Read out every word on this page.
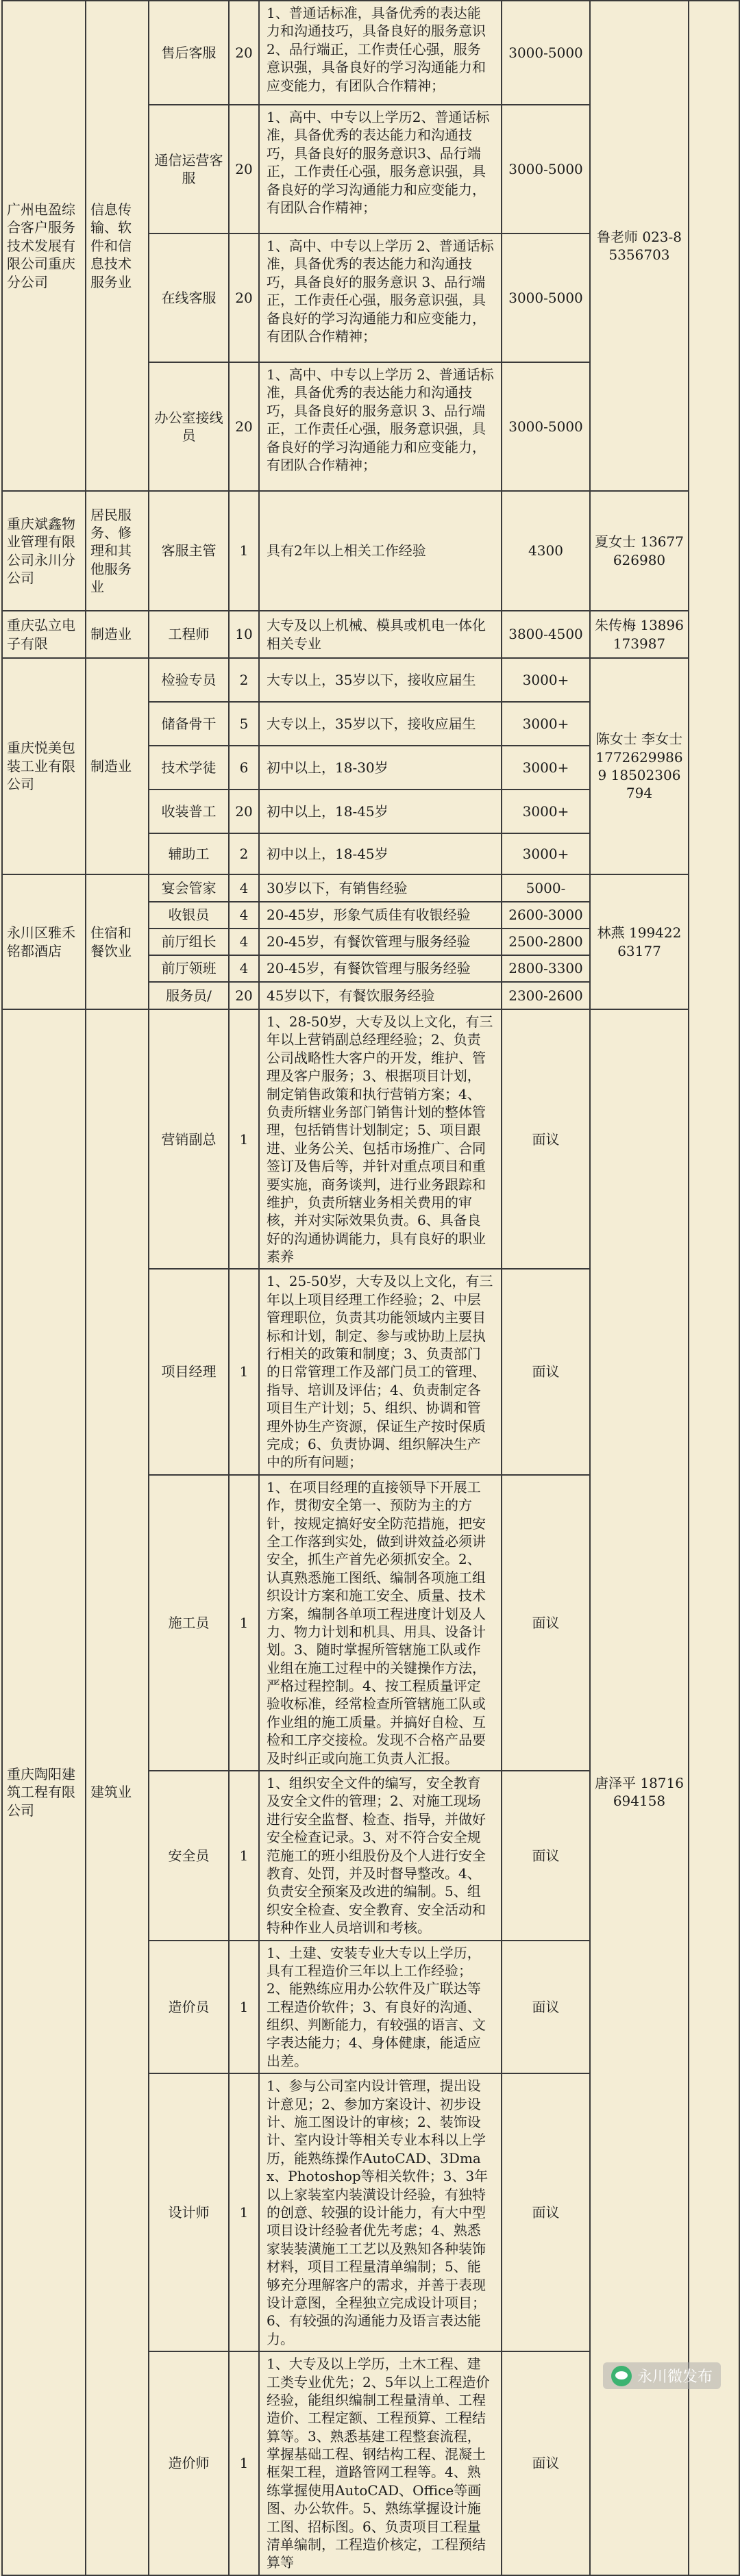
广州电盈综合客户服务技术发展有限公司重庆分公司	信息传输、软件和信息技术服务业	售后客服	20	1、普通话标准，具备优秀的表达能力和沟通技巧，具备良好的服务意识2、品行端正，工作责任心强，服务意识强，具备良好的学习沟通能力和应变能力，有团队合作精神；	3000-5000	鲁老师 023-85356703	
		通信运营客服	20	1、高中、中专以上学历2、普通话标准，具备优秀的表达能力和沟通技巧，具备良好的服务意识3、品行端正，工作责任心强，服务意识强，具备良好的学习沟通能力和应变能力，有团队合作精神；	3000-5000		
		在线客服	20	1、高中、中专以上学历 2、普通话标准，具备优秀的表达能力和沟通技巧，具备良好的服务意识 3、品行端正，工作责任心强，服务意识强，具备良好的学习沟通能力和应变能力，有团队合作精神；	3000-5000		
		办公室接线员	20	1、高中、中专以上学历 2、普通话标准，具备优秀的表达能力和沟通技巧，具备良好的服务意识 3、品行端正，工作责任心强，服务意识强，具备良好的学习沟通能力和应变能力，有团队合作精神；	3000-5000		
重庆斌鑫物业管理有限公司永川分公司	居民服务、修理和其他服务业	客服主管	1	具有2年以上相关工作经验	4300	夏女士 13677626980	
重庆弘立电子有限	制造业	工程师	10	大专及以上机械、模具或机电一体化相关专业	3800-4500	朱传梅 13896173987	
重庆悦美包装工业有限公司	制造业	检验专员	2	大专以上，35岁以下，接收应届生	3000+	陈女士 李女士 17726299869 18502306794	
		储备骨干	5	大专以上，35岁以下，接收应届生	3000+		
		技术学徒	6	初中以上，18-30岁	3000+		
		收装普工	20	初中以上，18-45岁	3000+		
		辅助工	2	初中以上，18-45岁	3000+		
永川区雅禾铭都酒店	住宿和餐饮业	宴会管家	4	30岁以下，有销售经验	5000-	林燕 19942263177	
		收银员	4	20-45岁，形象气质佳有收银经验	2600-3000		
		前厅组长	4	20-45岁，有餐饮管理与服务经验	2500-2800		
		前厅领班	4	20-45岁，有餐饮管理与服务经验	2800-3300		
		服务员/	20	45岁以下，有餐饮服务经验	2300-2600		
重庆陶阳建筑工程有限公司	建筑业	营销副总	1	1、28-50岁，大专及以上文化，有三年以上营销副总经理经验；2、负责公司战略性大客户的开发，维护、管理及客户服务；3、根据项目计划，制定销售政策和执行营销方案；4、负责所辖业务部门销售计划的整体管理，包括销售计划制定；5、项目跟进、业务公关、包括市场推广、合同签订及售后等，并针对重点项目和重要实施，商务谈判，进行业务跟踪和维护，负责所辖业务相关费用的审核，并对实际效果负责。6、具备良好的沟通协调能力，具有良好的职业素养	面议	唐泽平 18716694158	
		项目经理	1	1、25-50岁，大专及以上文化，有三年以上项目经理工作经验；2、中层管理职位，负责其功能领域内主要目标和计划，制定、参与或协助上层执行相关的政策和制度；3、负责部门的日常管理工作及部门员工的管理、指导、培训及评估；4、负责制定各项目生产计划；5、组织、协调和管理外协生产资源，保证生产按时保质完成；6、负责协调、组织解决生产中的所有问题；	面议		
		施工员	1	1、在项目经理的直接领导下开展工作，贯彻安全第一、预防为主的方针，按规定搞好安全防范措施，把安全工作落到实处，做到讲效益必须讲安全，抓生产首先必须抓安全。2、认真熟悉施工图纸、编制各项施工组织设计方案和施工安全、质量、技术方案，编制各单项工程进度计划及人力、物力计划和机具、用具、设备计划。3、随时掌握所管辖施工队或作业组在施工过程中的关键操作方法，严格过程控制。4、按工程质量评定验收标准，经常检查所管辖施工队或作业组的施工质量。并搞好自检、互检和工序交接检。发现不合格产品要及时纠正或向施工负责人汇报。	面议		
		安全员	1	1、组织安全文件的编写，安全教育及安全文件的管理；2、对施工现场进行安全监督、检查、指导，并做好安全检查记录。3、对不符合安全规范施工的班小组股份及个人进行安全教育、处罚，并及时督导整改。4、负责安全预案及改进的编制。5、组织安全检查、安全教育、安全活动和特种作业人员培训和考核。	面议		
		造价员	1	1、土建、安装专业大专以上学历，具有工程造价三年以上工作经验；2、能熟练应用办公软件及广联达等工程造价软件；3、有良好的沟通、组织、判断能力，有较强的语言、文字表达能力；4、身体健康，能适应出差。	面议		
		设计师	1	1、参与公司室内设计管理，提出设计意见；2、参加方案设计、初步设计、施工图设计的审核；2、装饰设计、室内设计等相关专业本科以上学历，能熟练操作AutoCAD、3Dmax、Photoshop等相关软件；3、3年以上家装室内装潢设计经验，有独特的创意、较强的设计能力，有大中型项目设计经验者优先考虑；4、熟悉家装装潢施工工艺以及熟知各种装饰材料，项目工程量清单编制；5、能够充分理解客户的需求，并善于表现设计意图，全程独立完成设计项目；6、有较强的沟通能力及语言表达能力。	面议		
		造价师	1	1、大专及以上学历，土木工程、建工类专业优先；2、5年以上工程造价经验，能组织编制工程量清单、工程造价、工程定额、工程预算、工程结算等。3、熟悉基建工程整套流程，掌握基础工程、钢结构工程、混凝土框架工程，道路管网工程等。4、熟练掌握使用AutoCAD、Office等画图、办公软件。5、熟练掌握设计施工图、招标图。6、负责项目工程量清单编制，工程造价核定，工程预结算等	面议		
永川微发布
